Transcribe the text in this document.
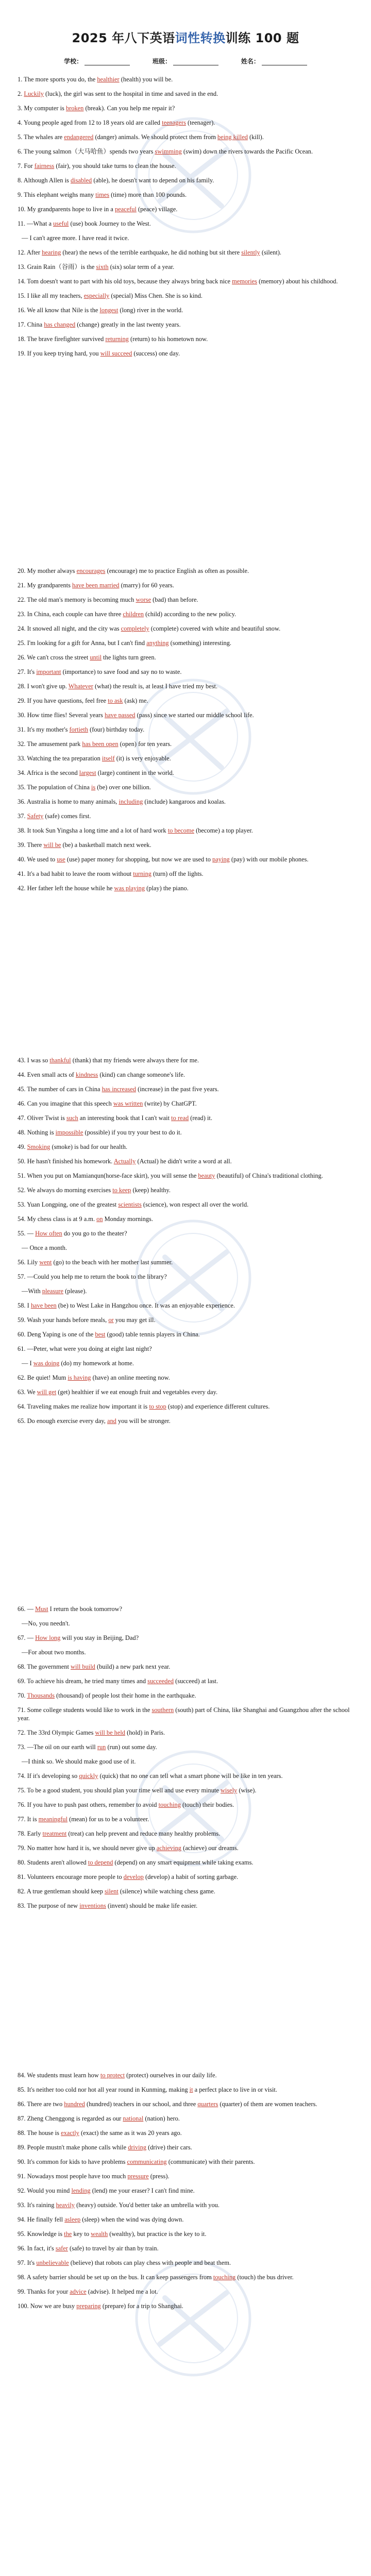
2025 年八下英语词性转换训练 100 题
学校：	班级：	姓名：

1. The more sports you do, the healthier (health) you will be.

2. Luckily (luck), the girl was sent to the hospital in time and saved in the end.

3. My computer is broken (break). Can you help me repair it?

4. Young people aged from 12 to 18 years old are called teenagers (teenager).

5. The whales are endangered (danger) animals. We should protect them from being killed (kill).

6. The young salmon（大马哈鱼）spends two years swimming (swim) down the rivers towards the Pacific Ocean.

7. For fairness (fair), you should take turns to clean the house.

8. Although Allen is disabled (able), he doesn't want to depend on his family.

9. This elephant weighs many times (time) more than 100 pounds.

10. My grandparents hope to live in a peaceful (peace) village.

11. —What a useful (use) book Journey to the West.

— I can't agree more. I have read it twice.

12. After hearing (hear) the news of the terrible earthquake, he did nothing but sit there silently (silent).

13. Grain Rain（谷雨）is the sixth (six) solar term of a year.

14. Tom doesn't want to part with his old toys, because they always bring back nice memories (memory) about his childhood.

15. I like all my teachers, especially (special) Miss Chen. She is so kind.

16. We all know that Nile is the longest (long) river in the world.

17. China has changed (change) greatly in the last twenty years.

18. The brave firefighter survived returning (return) to his hometown now.

19. If you keep trying hard, you will succeed (success) one day.

20. My mother always encourages (encourage) me to practice English as often as possible.

21. My grandparents have been married (marry) for 60 years.

22. The old man's memory is becoming much worse (bad) than before.

23. In China, each couple can have three children (child) according to the new policy.

24. It snowed all night, and the city was completely (complete) covered with white and beautiful snow.

25. I'm looking for a gift for Anna, but I can't find anything (something) interesting.

26. We can't cross the street until the lights turn green.

27. It's important (importance) to save food and say no to waste.

28. I won't give up. Whatever (what) the result is, at least I have tried my best.

29. If you have questions, feel free to ask (ask) me.

30. How time flies! Several years have passed (pass) since we started our middle school life.

31. It's my mother's fortieth (four) birthday today.

32. The amusement park has been open (open) for ten years.

33. Watching the tea preparation itself (it) is very enjoyable.

34. Africa is the second largest (large) continent in the world.

35. The population of China is (be) over one billion.

36. Australia is home to many animals, including (include) kangaroos and koalas.

37. Safety (safe) comes first.

38. It took Sun Yingsha a long time and a lot of hard work to become (become) a top player.

39. There will be (be) a basketball match next week.

40. We used to use (use) paper money for shopping, but now we are used to paying (pay) with our mobile phones.

41. It's a bad habit to leave the room without turning (turn) off the lights.

42. Her father left the house while he was playing (play) the piano.

43. I was so thankful (thank) that my friends were always there for me.

44. Even small acts of kindness (kind) can change someone's life.

45. The number of cars in China has increased (increase) in the past five years.

46. Can you imagine that this speech was written (write) by ChatGPT.

47. Oliver Twist is such an interesting book that I can't wait to read (read) it.

48. Nothing is impossible (possible) if you try your best to do it.

49. Smoking (smoke) is bad for our health.

50. He hasn't finished his homework. Actually (Actual) he didn't write a word at all.

51. When you put on Mamianqun(horse-face skirt), you will sense the beauty (beautiful) of China's traditional clothing.

52. We always do morning exercises to keep (keep) healthy.

53. Yuan Longping, one of the greatest scientists (science), won respect all over the world.

54. My chess class is at 9 a.m. on Monday mornings.

55. — How often do you go to the theater?

— Once a month.

56. Lily went (go) to the beach with her mother last summer.

57. —Could you help me to return the book to the library?

—With pleasure (please).

58. I have been (be) to West Lake in Hangzhou once. It was an enjoyable experience.

59. Wash your hands before meals, or you may get ill.

60. Deng Yaping is one of the best (good) table tennis players in China.

61. —Peter, what were you doing at eight last night?

— I was doing (do) my homework at home.

62. Be quiet! Mum is having (have) an online meeting now.

63. We will get (get) healthier if we eat enough fruit and vegetables every day.

64. Traveling makes me realize how important it is to stop (stop) and experience different cultures.

65. Do enough exercise every day, and you will be stronger.

66. — Must I return the book tomorrow?

—No, you needn't.

67. — How long will you stay in Beijing, Dad?

—For about two months.

68. The government will build (build) a new park next year.

69. To achieve his dream, he tried many times and succeeded (succeed) at last.

70. Thousands (thousand) of people lost their home in the earthquake.

71. Some college students would like to work in the southern (south) part of China, like Shanghai and Guangzhou after the school year.

72. The 33rd Olympic Games will be held (hold) in Paris.

73. —The oil on our earth will run (run) out some day.

—I think so. We should make good use of it.

74. If it's developing so quickly (quick) that no one can tell what a smart phone will be like in ten years.

75. To be a good student, you should plan your time well and use every minute wisely (wise).

76. If you have to push past others, remember to avoid touching (touch) their bodies.

77. It is meaningful (mean) for us to be a volunteer.

78. Early treatment (treat) can help prevent and reduce many healthy problems.

79. No matter how hard it is, we should never give up achieving (achieve) our dreams.

80. Students aren't allowed to depend (depend) on any smart equipment while taking exams.

81. Volunteers encourage more people to develop (develop) a habit of sorting garbage.

82. A true gentleman should keep silent (silence) while watching chess game.

83. The purpose of new inventions (invent) should be make life easier.

84. We students must learn how to protect (protect) ourselves in our daily life.

85. It's neither too cold nor hot all year round in Kunming, making it a perfect place to live in or visit.

86. There are two hundred (hundred) teachers in our school, and three quarters (quarter) of them are women teachers.

87. Zheng Chenggong is regarded as our national (nation) hero.

88. The house is exactly (exact) the same as it was 20 years ago.

89. People mustn't make phone calls while driving (drive) their cars.

90. It's common for kids to have problems communicating (communicate) with their parents.

91. Nowadays most people have too much pressure (press).

92. Would you mind lending (lend) me your eraser? I can't find mine.

93. It's raining heavily (heavy) outside. You'd better take an umbrella with you.

94. He finally fell asleep (sleep) when the wind was dying down.

95. Knowledge is the key to wealth (wealthy), but practice is the key to it.

96. In fact, it's safer (safe) to travel by air than by train.

97. It's unbelievable (believe) that robots can play chess with people and beat them.

98. A safety barrier should be set up on the bus. It can keep passengers from touching (touch) the bus driver.

99. Thanks for your advice (advise). It helped me a lot.

100. Now we are busy preparing (prepare) for a trip to Shanghai.
